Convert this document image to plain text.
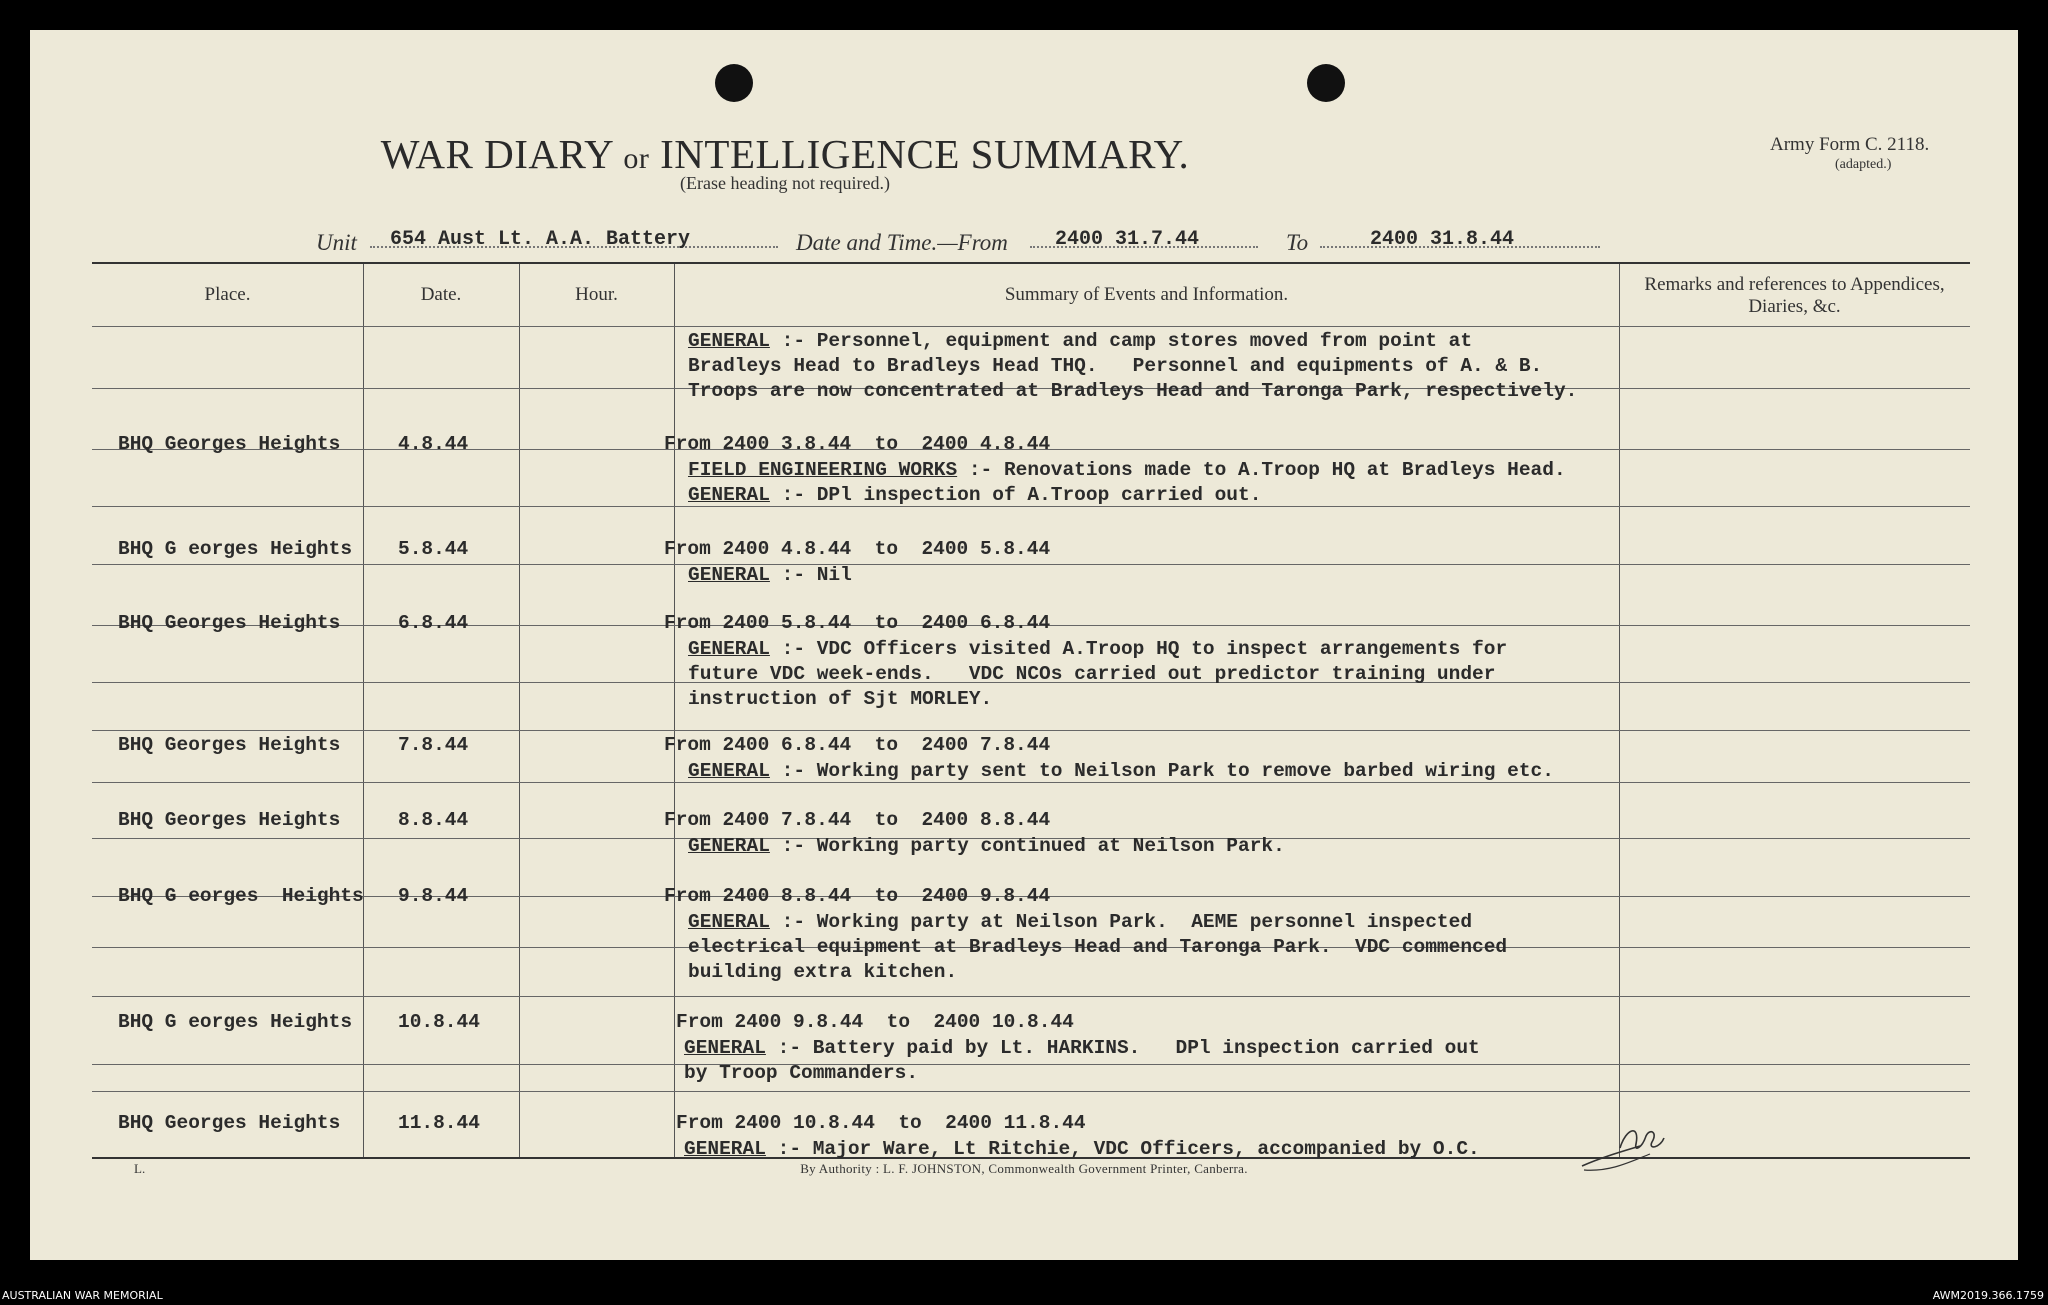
WAR DIARY or INTELLIGENCE SUMMARY.
(Erase heading not required.)
Army Form C. 2118.
(adapted.)
Unit 654 Aust Lt. A.A. Battery	Date and Time.—From 2400 31.7.44	To	2400 31.8.44
Place.	Date.	Hour.	Summary of Events and Information.	Remarks and references to Appendices, Diaries, &c.
GENERAL :- Personnel, equipment and camp stores moved from point at
Bradleys Head to Bradleys Head THQ.   Personnel and equipments of A. & B.
Troops are now concentrated at Bradleys Head and Taronga Park, respectively.
BHQ Georges Heights	4.8.44	From 2400 3.8.44  to  2400 4.8.44
FIELD ENGINEERING WORKS :- Renovations made to A.Troop HQ at Bradleys Head.
GENERAL :- DPl inspection of A.Troop carried out.
BHQ G eorges Heights 5.8.44	From 2400 4.8.44  to  2400 5.8.44
GENERAL :- Nil
BHQ Georges Heights	6.8.44	From 2400 5.8.44  to  2400 6.8.44
GENERAL :- VDC Officers visited A.Troop HQ to inspect arrangements for
future VDC week-ends.   VDC NCOs carried out predictor training under
instruction of Sjt MORLEY.
BHQ Georges Heights	7.8.44	From 2400 6.8.44  to  2400 7.8.44
GENERAL :- Working party sent to Neilson Park to remove barbed wiring etc.
BHQ Georges Heights	8.8.44	From 2400 7.8.44  to  2400 8.8.44
GENERAL :- Working party continued at Neilson Park.
BHQ G eorges  Heights 9.8.44	From 2400 8.8.44  to  2400 9.8.44
GENERAL :- Working party at Neilson Park.  AEME personnel inspected
electrical equipment at Bradleys Head and Taronga Park.  VDC commenced
building extra kitchen.
BHQ G eorges Heights 10.8.44	From 2400 9.8.44  to  2400 10.8.44
GENERAL :- Battery paid by Lt. HARKINS.   DPl inspection carried out
by Troop Commanders.
BHQ Georges Heights	11.8.44	From 2400 10.8.44  to  2400 11.8.44
GENERAL :- Major Ware, Lt Ritchie, VDC Officers, accompanied by O.C.
L.	By Authority : L. F. JOHNSTON, Commonwealth Government Printer, Canberra.
AUSTRALIAN WAR MEMORIAL	AWM2019.366.1759
